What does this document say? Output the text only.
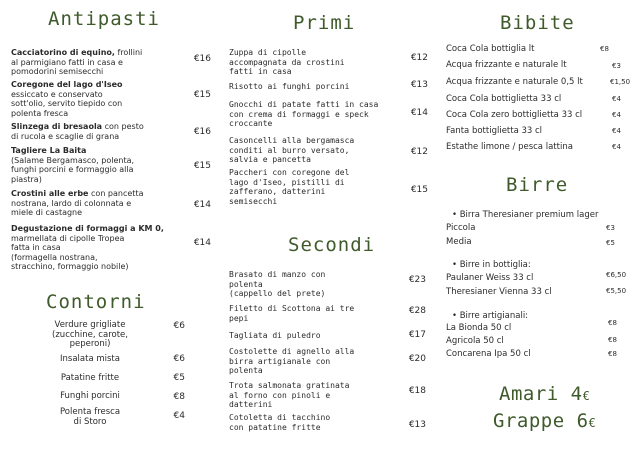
Antipasti
Cacciatorino di equino, frollini
al parmigiano fatti in casa e
pomodorini semisecchi
€16
Coregone del lago d'Iseo
essiccato e conservato
sott'olio, servito tiepido con
polenta fresca
€15
Slinzega di bresaola con pesto
di rucola e scaglie di grana	€16
Tagliere La Baita
(Salame Bergamasco, polenta,
funghi porcini e formaggio alla
piastra)
€15
Crostini alle erbe con pancetta
nostrana, lardo di colonnata e
miele di castagne
€14
Degustazione di formaggi a KM 0,
marmellata di cipolle Tropea
fatta in casa
(formagella nostrana,
stracchino, formaggio nobile)
€14
Contorni
Verdure grigliate
(zucchine, carote,
peperoni)
€6
Insalata mista	€6
Patatine fritte	€5
Funghi porcini	€8
Polenta fresca
di Storo
€4
Primi
Zuppa di cipolle
accompagnata da crostini
fatti in casa
€12
Risotto ai funghi porcini	€13
Gnocchi di patate fatti in casa
con crema di formaggi e speck
croccante
€14
Casoncelli alla bergamasca
conditi al burro versato,
salvia e pancetta
€12
Paccheri con coregone del
lago d'Iseo, pistilli di
zafferano, datterini
semisecchi
€15
Secondi
Brasato di manzo con
polenta
(cappello del prete)
€23
Filetto di Scottona ai tre
pepi
€28
Tagliata di puledro	€17
Costolette di agnello alla
birra artigianale con
polenta
€20
Trota salmonata gratinata
al forno con pinoli e
datterini
€18
Cotoletta di tacchino
con patatine fritte	€13
Bibite
Coca Cola bottiglia lt	€8
Acqua frizzante e naturale lt	€3
Acqua frizzante e naturale 0,5 lt	€1,50
Coca Cola bottiglietta 33 cl	€4
Coca Cola zero bottiglietta 33 cl	€4
Fanta bottiglietta 33 cl	€4
Estathe limone / pesca lattina	€4
Birre
• Birra Theresianer premium lager
Piccola	€3
Media	€5
• Birre in bottiglia:
Paulaner Weiss 33 cl	€6,50
Theresianer Vienna 33 cl	€5,50
• Birre artigianali:
La Bionda 50 cl	€8
Agricola 50 cl	€8
Concarena Ipa 50 cl	€8
Amari 4€
Grappe 6€
